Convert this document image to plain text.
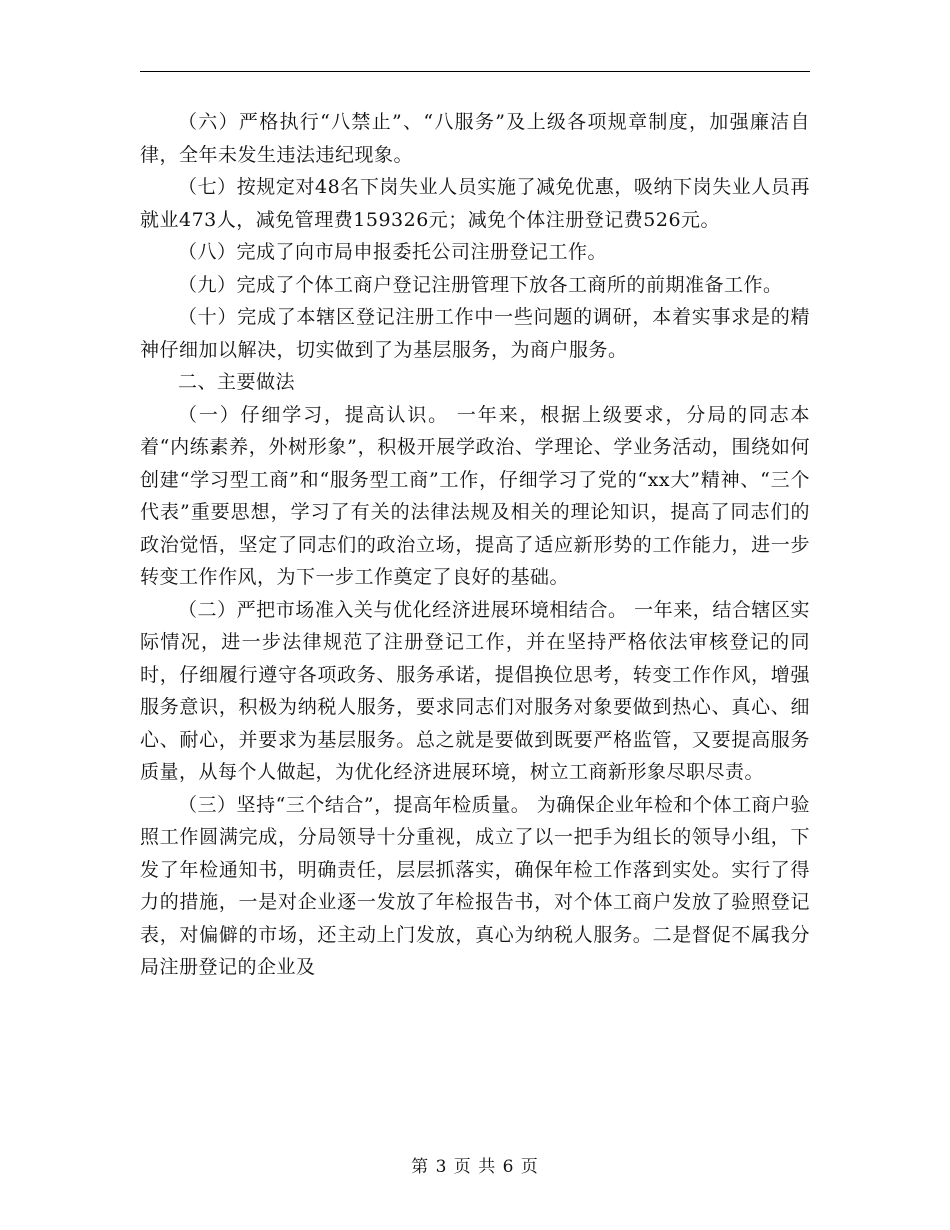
（六）严格执行“八禁止”、“八服务”及上级各项规章制度，加强廉洁自律，全年未发生违法违纪现象。

（七）按规定对48名下岗失业人员实施了减免优惠，吸纳下岗失业人员再就业473人，减免管理费159326元；减免个体注册登记费526元。

（八）完成了向市局申报委托公司注册登记工作。

（九）完成了个体工商户登记注册管理下放各工商所的前期准备工作。

（十）完成了本辖区登记注册工作中一些问题的调研，本着实事求是的精神仔细加以解决，切实做到了为基层服务，为商户服务。

二、主要做法

（一）仔细学习，提高认识。 一年来，根据上级要求，分局的同志本着“内练素养，外树形象”，积极开展学政治、学理论、学业务活动，围绕如何创建“学习型工商”和“服务型工商”工作，仔细学习了党的“xx大”精神、“三个代表”重要思想，学习了有关的法律法规及相关的理论知识，提高了同志们的政治觉悟，坚定了同志们的政治立场，提高了适应新形势的工作能力，进一步转变工作作风，为下一步工作奠定了良好的基础。

（二）严把市场准入关与优化经济进展环境相结合。 一年来，结合辖区实际情况，进一步法律规范了注册登记工作，并在坚持严格依法审核登记的同时，仔细履行遵守各项政务、服务承诺，提倡换位思考，转变工作作风，增强服务意识，积极为纳税人服务，要求同志们对服务对象要做到热心、真心、细心、耐心，并要求为基层服务。总之就是要做到既要严格监管，又要提高服务质量，从每个人做起，为优化经济进展环境，树立工商新形象尽职尽责。

（三）坚持“三个结合”，提高年检质量。 为确保企业年检和个体工商户验照工作圆满完成，分局领导十分重视，成立了以一把手为组长的领导小组，下发了年检通知书，明确责任，层层抓落实，确保年检工作落到实处。实行了得力的措施，一是对企业逐一发放了年检报告书，对个体工商户发放了验照登记表，对偏僻的市场，还主动上门发放，真心为纳税人服务。二是督促不属我分局注册登记的企业及

第 3 页 共 6 页
